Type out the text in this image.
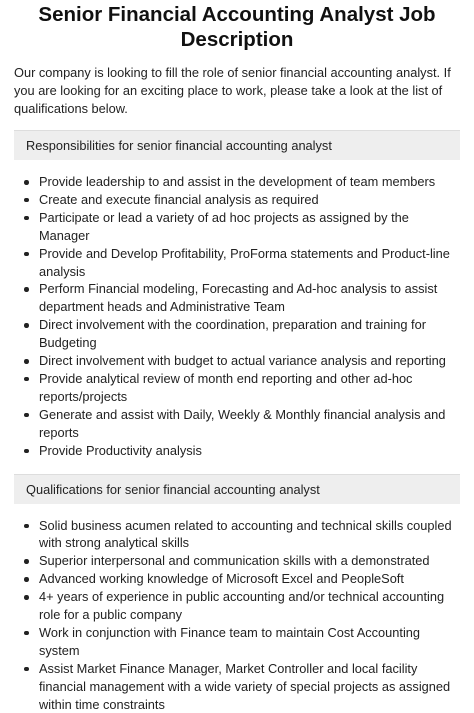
Senior Financial Accounting Analyst Job Description

Our company is looking to fill the role of senior financial accounting analyst. If you are looking for an exciting place to work, please take a look at the list of qualifications below.

Responsibilities for senior financial accounting analyst
Provide leadership to and assist in the development of team members
Create and execute financial analysis as required
Participate or lead a variety of ad hoc projects as assigned by the Manager
Provide and Develop Profitability, ProForma statements and Product-line analysis
Perform Financial modeling, Forecasting and Ad-hoc analysis to assist department heads and Administrative Team
Direct involvement with the coordination, preparation and training for Budgeting
Direct involvement with budget to actual variance analysis and reporting
Provide analytical review of month end reporting and other ad-hoc reports/projects
Generate and assist with Daily, Weekly & Monthly financial analysis and reports
Provide Productivity analysis
Qualifications for senior financial accounting analyst
Solid business acumen related to accounting and technical skills coupled with strong analytical skills
Superior interpersonal and communication skills with a demonstrated
Advanced working knowledge of Microsoft Excel and PeopleSoft
4+ years of experience in public accounting and/or technical accounting role for a public company
Work in conjunction with Finance team to maintain Cost Accounting system
Assist Market Finance Manager, Market Controller and local facility financial management with a wide variety of special projects as assigned within time constraints
